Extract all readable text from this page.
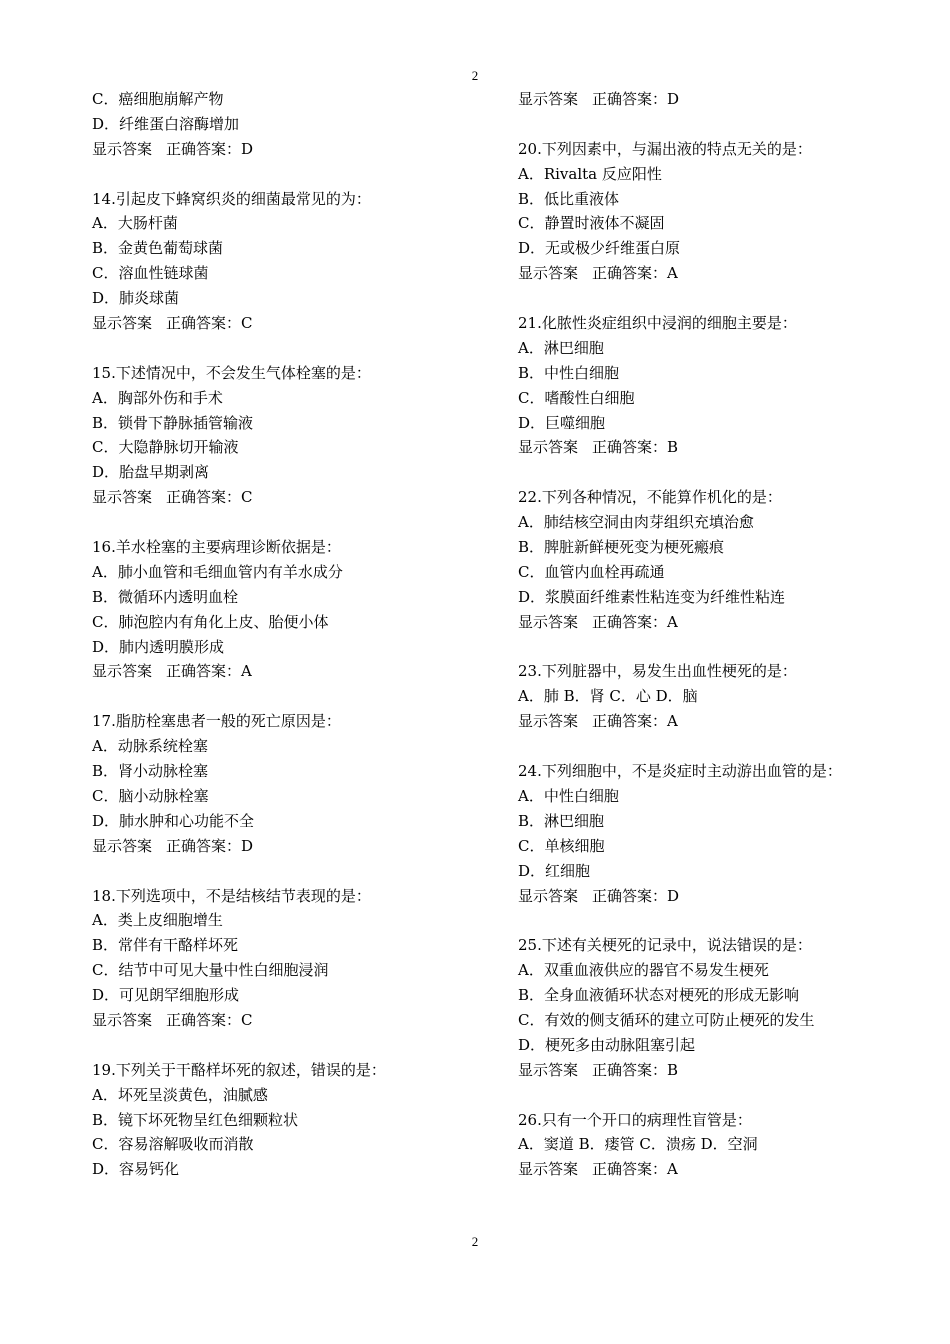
2
C．癌细胞崩解产物
D．纤维蛋白溶酶增加
显示答案 正确答案：D
14.引起皮下蜂窝织炎的细菌最常见的为：
A．大肠杆菌
B．金黄色葡萄球菌
C．溶血性链球菌
D．肺炎球菌
显示答案 正确答案：C
15.下述情况中，不会发生气体栓塞的是：
A．胸部外伤和手术
B．锁骨下静脉插管输液
C．大隐静脉切开输液
D．胎盘早期剥离
显示答案 正确答案：C
16.羊水栓塞的主要病理诊断依据是：
A．肺小血管和毛细血管内有羊水成分
B．微循环内透明血栓
C．肺泡腔内有角化上皮、胎便小体
D．肺内透明膜形成
显示答案 正确答案：A
17.脂肪栓塞患者一般的死亡原因是：
A．动脉系统栓塞
B．肾小动脉栓塞
C．脑小动脉栓塞
D．肺水肿和心功能不全
显示答案 正确答案：D
18.下列选项中，不是结核结节表现的是：
A．类上皮细胞增生
B．常伴有干酪样坏死
C．结节中可见大量中性白细胞浸润
D．可见朗罕细胞形成
显示答案 正确答案：C
19.下列关于干酪样坏死的叙述，错误的是：
A．坏死呈淡黄色，油腻感
B．镜下坏死物呈红色细颗粒状
C．容易溶解吸收而消散
D．容易钙化
显示答案 正确答案：D
20.下列因素中，与漏出液的特点无关的是：
A．Rivalta 反应阳性
B．低比重液体
C．静置时液体不凝固
D．无或极少纤维蛋白原
显示答案 正确答案：A
21.化脓性炎症组织中浸润的细胞主要是：
A．淋巴细胞
B．中性白细胞
C．嗜酸性白细胞
D．巨噬细胞
显示答案 正确答案：B
22.下列各种情况，不能算作机化的是：
A．肺结核空洞由肉芽组织充填治愈
B．脾脏新鲜梗死变为梗死瘢痕
C．血管内血栓再疏通
D．浆膜面纤维素性粘连变为纤维性粘连
显示答案 正确答案：A
23.下列脏器中，易发生出血性梗死的是：
A．肺 B．肾 C．心 D．脑
显示答案 正确答案：A
24.下列细胞中，不是炎症时主动游出血管的是：
A．中性白细胞
B．淋巴细胞
C．单核细胞
D．红细胞
显示答案 正确答案：D
25.下述有关梗死的记录中，说法错误的是：
A．双重血液供应的器官不易发生梗死
B．全身血液循环状态对梗死的形成无影响
C．有效的侧支循环的建立可防止梗死的发生
D．梗死多由动脉阻塞引起
显示答案 正确答案：B
26.只有一个开口的病理性盲管是：
A．窦道 B．瘘管 C．溃疡 D．空洞
显示答案 正确答案：A
2
